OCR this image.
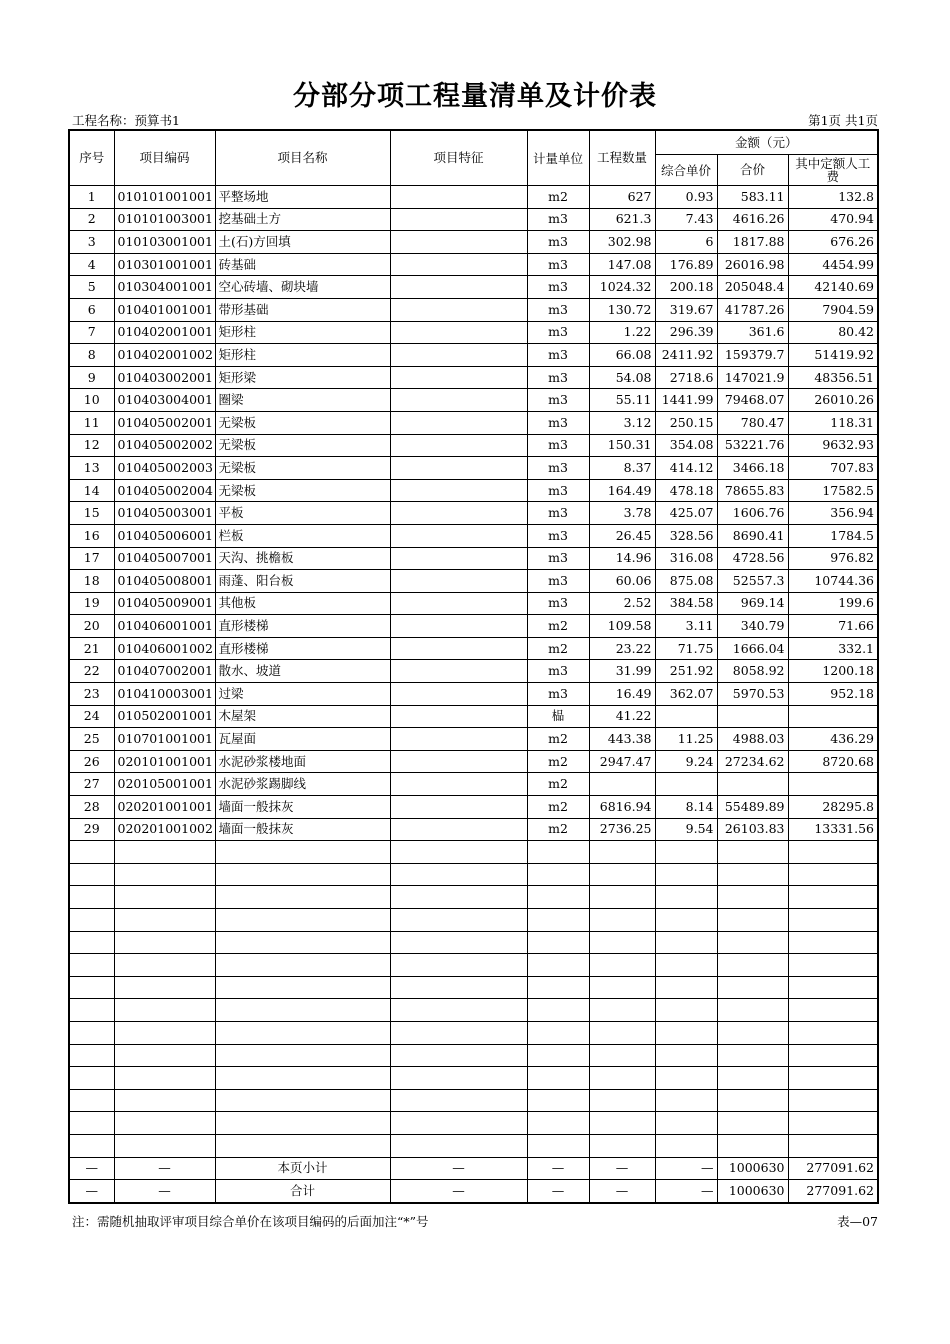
分部分项工程量清单及计价表
工程名称：预算书1	第1页 共1页
序号	项目编码	项目名称	项目特征	计量单位	工程数量	金额（元）		
						综合单价	合价	其中定额人工费
1	010101001001	平整场地		m2	627	0.93	583.11	132.8
2	010101003001	挖基础土方		m3	621.3	7.43	4616.26	470.94
3	010103001001	土(石)方回填		m3	302.98	6	1817.88	676.26
4	010301001001	砖基础		m3	147.08	176.89	26016.98	4454.99
5	010304001001	空心砖墙、砌块墙		m3	1024.32	200.18	205048.4	42140.69
6	010401001001	带形基础		m3	130.72	319.67	41787.26	7904.59
7	010402001001	矩形柱		m3	1.22	296.39	361.6	80.42
8	010402001002	矩形柱		m3	66.08	2411.92	159379.7	51419.92
9	010403002001	矩形梁		m3	54.08	2718.6	147021.9	48356.51
10	010403004001	圈梁		m3	55.11	1441.99	79468.07	26010.26
11	010405002001	无梁板		m3	3.12	250.15	780.47	118.31
12	010405002002	无梁板		m3	150.31	354.08	53221.76	9632.93
13	010405002003	无梁板		m3	8.37	414.12	3466.18	707.83
14	010405002004	无梁板		m3	164.49	478.18	78655.83	17582.5
15	010405003001	平板		m3	3.78	425.07	1606.76	356.94
16	010405006001	栏板		m3	26.45	328.56	8690.41	1784.5
17	010405007001	天沟、挑檐板		m3	14.96	316.08	4728.56	976.82
18	010405008001	雨蓬、阳台板		m3	60.06	875.08	52557.3	10744.36
19	010405009001	其他板		m3	2.52	384.58	969.14	199.6
20	010406001001	直形楼梯		m2	109.58	3.11	340.79	71.66
21	010406001002	直形楼梯		m2	23.22	71.75	1666.04	332.1
22	010407002001	散水、坡道		m3	31.99	251.92	8058.92	1200.18
23	010410003001	过梁		m3	16.49	362.07	5970.53	952.18
24	010502001001	木屋架		榀	41.22			
25	010701001001	瓦屋面		m2	443.38	11.25	4988.03	436.29
26	020101001001	水泥砂浆楼地面		m2	2947.47	9.24	27234.62	8720.68
27	020105001001	水泥砂浆踢脚线		m2				
28	020201001001	墙面一般抹灰		m2	6816.94	8.14	55489.89	28295.8
29	020201001002	墙面一般抹灰		m2	2736.25	9.54	26103.83	13331.56

—	—	本页小计	—	—	—	—	1000630	277091.62
—	—	合计	—	—	—	—	1000630	277091.62
注：需随机抽取评审项目综合单价在该项目编码的后面加注“*”号	表—07
